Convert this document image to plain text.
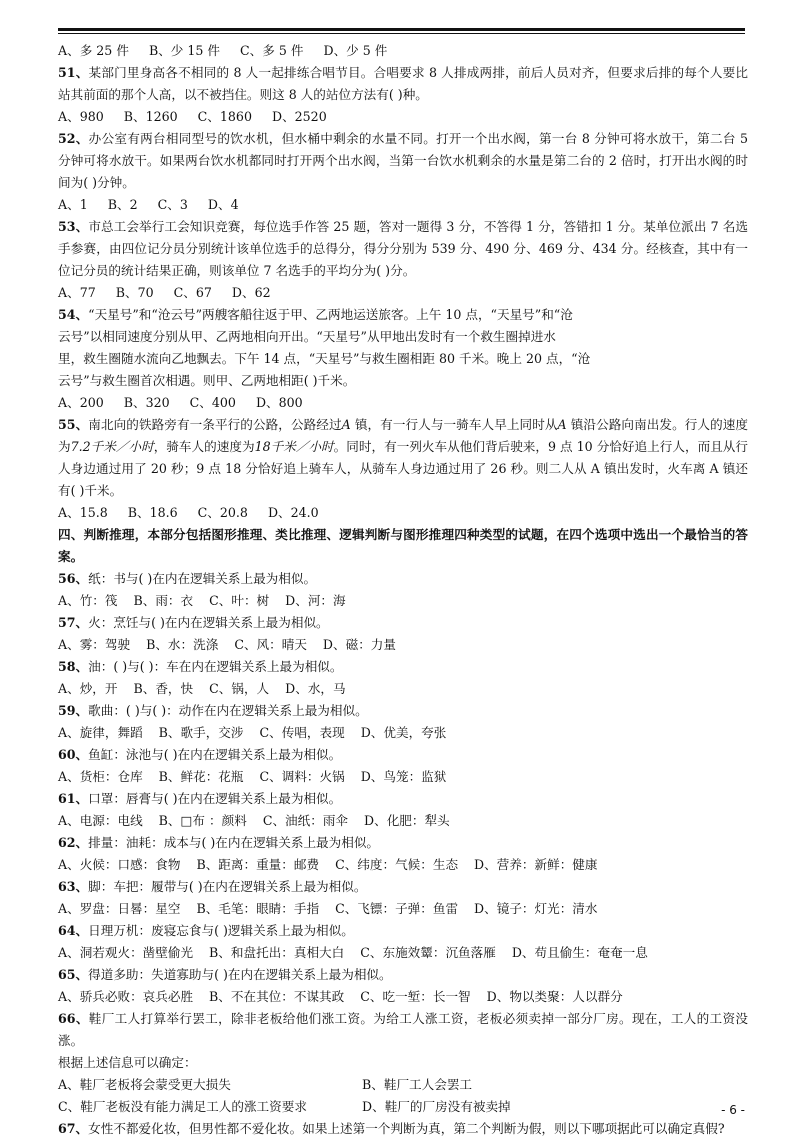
A、多 25 件 B、少 15 件 C、多 5 件 D、少 5 件

51、某部门里身高各不相同的 8 人一起排练合唱节目。合唱要求 8 人排成两排，前后人员对齐，但要求后排的每个人要比站其前面的那个人高，以不被挡住。则这 8 人的站位方法有( )种。

A、980 B、1260 C、1860 D、2520

52、办公室有两台相同型号的饮水机，但水桶中剩余的水量不同。打开一个出水阀，第一台 8 分钟可将水放干，第二台 5 分钟可将水放干。如果两台饮水机都同时打开两个出水阀，当第一台饮水机剩余的水量是第二台的 2 倍时，打开出水阀的时间为( )分钟。

A、1 B、2 C、3 D、4

53、市总工会举行工会知识竞赛，每位选手作答 25 题，答对一题得 3 分，不答得 1 分，答错扣 1 分。某单位派出 7 名选手参赛，由四位记分员分别统计该单位选手的总得分，得分分别为 539 分、490 分、469 分、434 分。经核查，其中有一位记分员的统计结果正确，则该单位 7 名选手的平均分为( )分。

A、77 B、70 C、67 D、62

54、“天星号”和“沧云号”两艘客船往返于甲、乙两地运送旅客。上午 10 点，“天星号”和“沧

云号”以相同速度分别从甲、乙两地相向开出。“天星号”从甲地出发时有一个救生圈掉进水

里，救生圈随水流向乙地飘去。下午 14 点，“天星号”与救生圈相距 80 千米。晚上 20 点，“沧

云号”与救生圈首次相遇。则甲、乙两地相距( )千米。

A、200 B、320 C、400 D、800

55、南北向的铁路旁有一条平行的公路，公路经过A 镇，有一行人与一骑车人早上同时从A 镇沿公路向南出发。行人的速度为7.2千米／小时，骑车人的速度为18千米／小时。同时，有一列火车从他们背后驶来，9 点 10 分恰好追上行人，而且从行人身边通过用了 20 秒；9 点 18 分恰好追上骑车人，从骑车人身边通过用了 26 秒。则二人从 A 镇出发时，火车离 A 镇还有( )千米。

A、15.8 B、18.6 C、20.8 D、24.0

四、判断推理，本部分包括图形推理、类比推理、逻辑判断与图形推理四种类型的试题，在四个选项中选出一个最恰当的答案。

56、纸：书与( )在内在逻辑关系上最为相似。

A、竹：筏 B、雨：衣 C、叶：树 D、河：海

57、火：烹饪与( )在内在逻辑关系上最为相似。

A、雾：驾驶 B、水：洗涤 C、风：晴天 D、磁：力量

58、油：( )与( )：车在内在逻辑关系上最为相似。

A、炒，开 B、香，快 C、锅，人 D、水，马

59、歌曲：( )与( )：动作在内在逻辑关系上最为相似。

A、旋律，舞蹈 B、歌手，交涉 C、传唱，表现 D、优美，夸张

60、鱼缸：泳池与( )在内在逻辑关系上最为相似。

A、货柜：仓库 B、鲜花：花瓶 C、调料：火锅 D、鸟笼：监狱

61、口罩：唇膏与( )在内在逻辑关系上最为相似。

A、电源：电线 B、□布 ：颜料 C、油纸：雨伞 D、化肥：犁头

62、排量：油耗：成本与( )在内在逻辑关系上最为相似。

A、火候：口感：食物 B、距离：重量：邮费 C、纬度：气候：生态 D、营养：新鲜：健康

63、脚：车把：履带与( )在内在逻辑关系上最为相似。

A、罗盘：日晷：星空 B、毛笔：眼睛：手指 C、飞镖：子弹：鱼雷 D、镜子：灯光：清水

64、日理万机：废寝忘食与( )逻辑关系上最为相似。

A、洞若观火：凿壁偷光 B、和盘托出：真相大白 C、东施效颦：沉鱼落雁 D、苟且偷生：奄奄一息

65、得道多助：失道寡助与( )在内在逻辑关系上最为相似。

A、骄兵必败：哀兵必胜 B、不在其位：不谋其政 C、吃一堑：长一智 D、物以类聚：人以群分

66、鞋厂工人打算举行罢工，除非老板给他们涨工资。为给工人涨工资，老板必须卖掉一部分厂房。现在，工人的工资没涨。

根据上述信息可以确定：

A、鞋厂老板将会蒙受更大损失	B、鞋厂工人会罢工

C、鞋厂老板没有能力满足工人的涨工资要求	D、鞋厂的厂房没有被卖掉

67、女性不都爱化妆，但男性都不爱化妆。如果上述第一个判断为真，第二个判断为假，则以下哪项据此可以确定真假?

- 6 -
